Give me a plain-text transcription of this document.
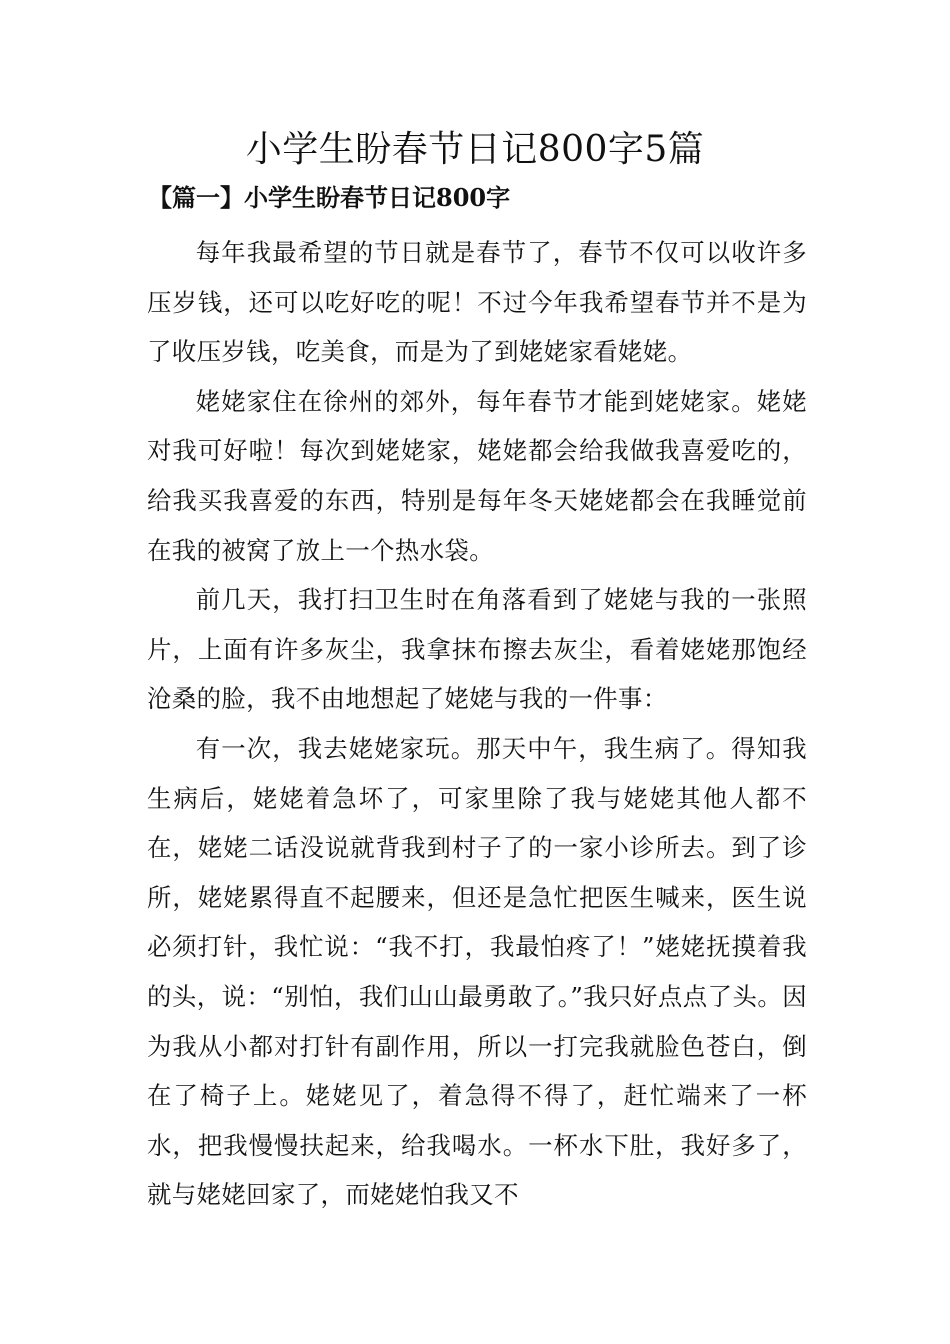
小学生盼春节日记800字5篇
【篇一】小学生盼春节日记800字

每年我最希望的节日就是春节了，春节不仅可以收许多压岁钱，还可以吃好吃的呢！不过今年我希望春节并不是为了收压岁钱，吃美食，而是为了到姥姥家看姥姥。

姥姥家住在徐州的郊外，每年春节才能到姥姥家。姥姥对我可好啦！每次到姥姥家，姥姥都会给我做我喜爱吃的，给我买我喜爱的东西，特别是每年冬天姥姥都会在我睡觉前在我的被窝了放上一个热水袋。

前几天，我打扫卫生时在角落看到了姥姥与我的一张照片，上面有许多灰尘，我拿抹布擦去灰尘，看着姥姥那饱经沧桑的脸，我不由地想起了姥姥与我的一件事：

有一次，我去姥姥家玩。那天中午，我生病了。得知我生病后，姥姥着急坏了，可家里除了我与姥姥其他人都不在，姥姥二话没说就背我到村子了的一家小诊所去。到了诊所，姥姥累得直不起腰来，但还是急忙把医生喊来，医生说必须打针，我忙说：“我不打，我最怕疼了！”姥姥抚摸着我的头，说：“别怕，我们山山最勇敢了。”我只好点点了头。因为我从小都对打针有副作用，所以一打完我就脸色苍白，倒在了椅子上。姥姥见了，着急得不得了，赶忙端来了一杯水，把我慢慢扶起来，给我喝水。一杯水下肚，我好多了，就与姥姥回家了，而姥姥怕我又不
